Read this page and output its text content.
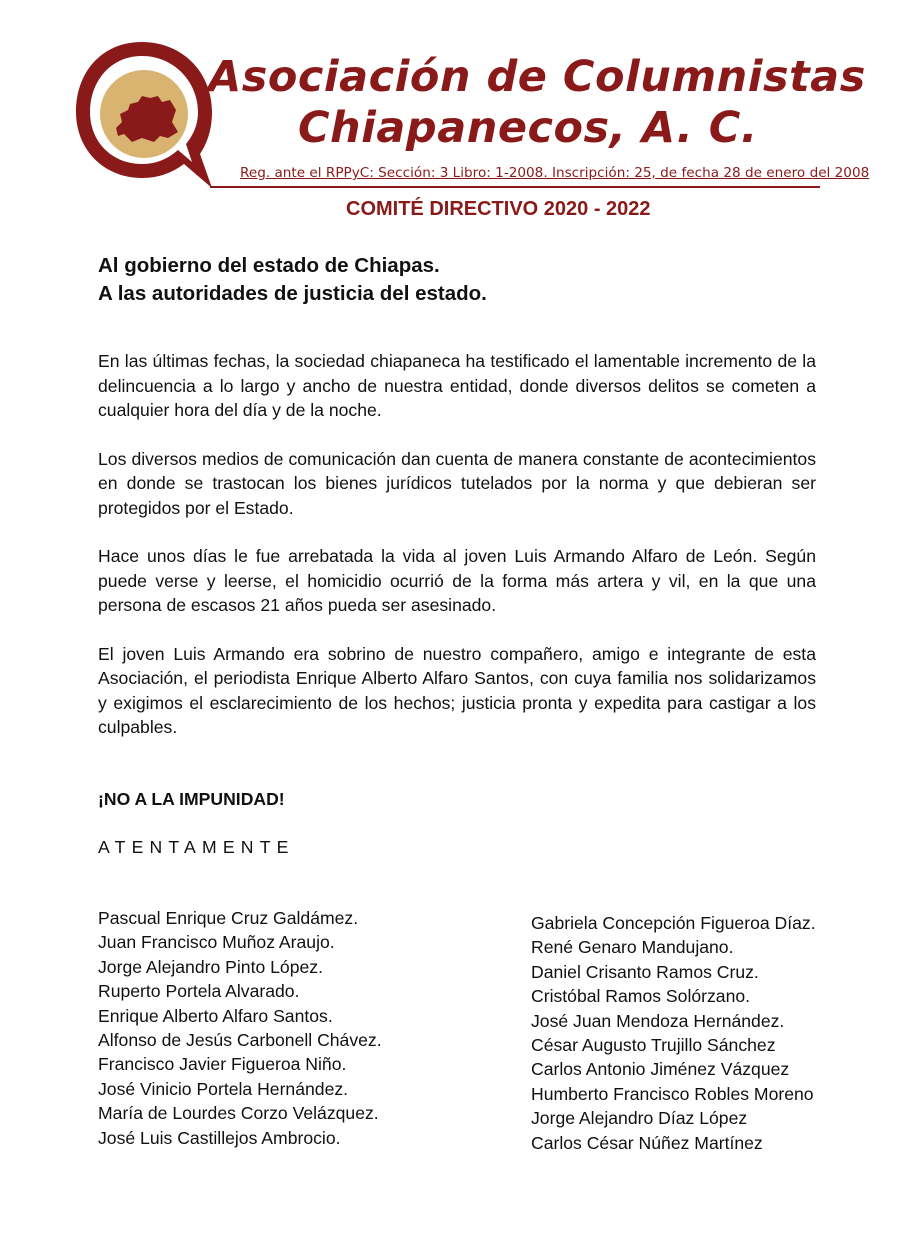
Asociación de Columnistas
Chiapanecos, A. C.
Reg. ante el RPPyC: Sección: 3 Libro: 1-2008. Inscripción: 25, de fecha 28 de enero del 2008
COMITÉ DIRECTIVO 2020 - 2022
Al gobierno del estado de Chiapas.
A las autoridades de justicia del estado.

En las últimas fechas, la sociedad chiapaneca ha testificado el lamentable incremento de la delincuencia a lo largo y ancho de nuestra entidad, donde diversos delitos se cometen a cualquier hora del día y de la noche.

Los diversos medios de comunicación dan cuenta de manera constante de acontecimientos en donde se trastocan los bienes jurídicos tutelados por la norma y que debieran ser protegidos por el Estado.

Hace unos días le fue arrebatada la vida al joven Luis Armando Alfaro de León. Según puede verse y leerse, el homicidio ocurrió de la forma más artera y vil, en la que una persona de escasos 21 años pueda ser asesinado.

El joven Luis Armando era sobrino de nuestro compañero, amigo e integrante de esta Asociación, el periodista Enrique Alberto Alfaro Santos, con cuya familia nos solidarizamos y exigimos el esclarecimiento de los hechos; justicia pronta y expedita para castigar a los culpables.

¡NO A LA IMPUNIDAD!
ATENTAMENTE
Pascual Enrique Cruz Galdámez.
Juan Francisco Muñoz Araujo.
Jorge Alejandro Pinto López.
Ruperto Portela Alvarado.
Enrique Alberto Alfaro Santos.
Alfonso de Jesús Carbonell Chávez.
Francisco Javier Figueroa Niño.
José Vinicio Portela Hernández.
María de Lourdes Corzo Velázquez.
José Luis Castillejos Ambrocio.
Gabriela Concepción Figueroa Díaz.
René Genaro Mandujano.
Daniel Crisanto Ramos Cruz.
Cristóbal Ramos Solórzano.
José Juan Mendoza Hernández.
César Augusto Trujillo Sánchez
Carlos Antonio Jiménez Vázquez
Humberto Francisco Robles Moreno
Jorge Alejandro Díaz López
Carlos César Núñez Martínez
